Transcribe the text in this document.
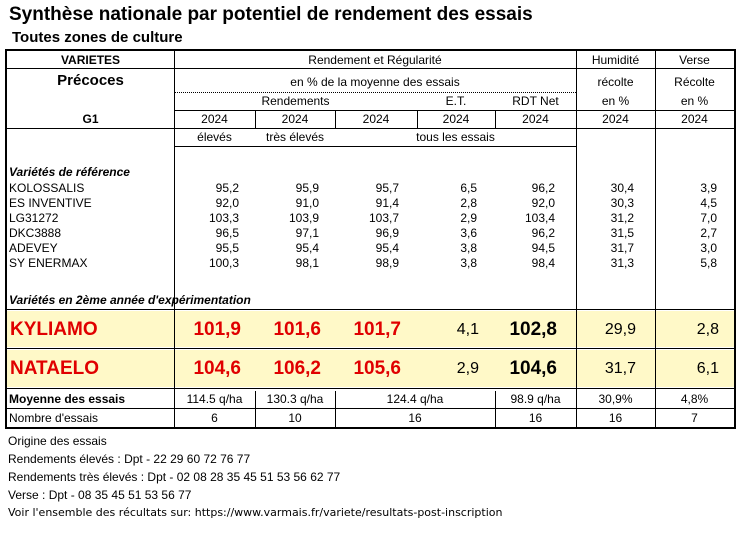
Synthèse nationale par potentiel de rendement des essais
Toutes zones de culture
VARIETES
Précoces
G1
Rendement et Régularité
en % de la moyenne des essais
Rendements	E.T.	RDT Net
Humidité
récolte
en %
Verse
Récolte
en %
2024	2024	2024	2024	2024	2024	2024
élevés	très élevés	tous les essais
Variétés de référence
Variétés en 2ème année d'expérimentation
KOLOSSALIS	95,2	95,9	95,7	6,5	96,2	30,4	3,9
ES INVENTIVE	92,0	91,0	91,4	2,8	92,0	30,3	4,5
LG31272	103,3	103,9	103,7	2,9	103,4	31,2	7,0
DKC3888	96,5	97,1	96,9	3,6	96,2	31,5	2,7
ADEVEY	95,5	95,4	95,4	3,8	94,5	31,7	3,0
SY ENERMAX	100,3	98,1	98,9	3,8	98,4	31,3	5,8
KYLIAMO	101,9	101,6	101,7	4,1	102,8	29,9	2,8
NATAELO	104,6	106,2	105,6	2,9	104,6	31,7	6,1
Moyenne des essais	114.5 q/ha	130.3 q/ha	124.4 q/ha	98.9 q/ha	30,9%	4,8%
Nombre d'essais	6	10	16	16	16	7
Origine des essais
Rendements élevés : Dpt - 22 29 60 72 76 77
Rendements très élevés : Dpt - 02 08 28 35 45 51 53 56 62 77
Verse : Dpt - 08 35 45 51 53 56 77
Voir l'ensemble des récultats sur: https://www.varmais.fr/variete/resultats-post-inscription
